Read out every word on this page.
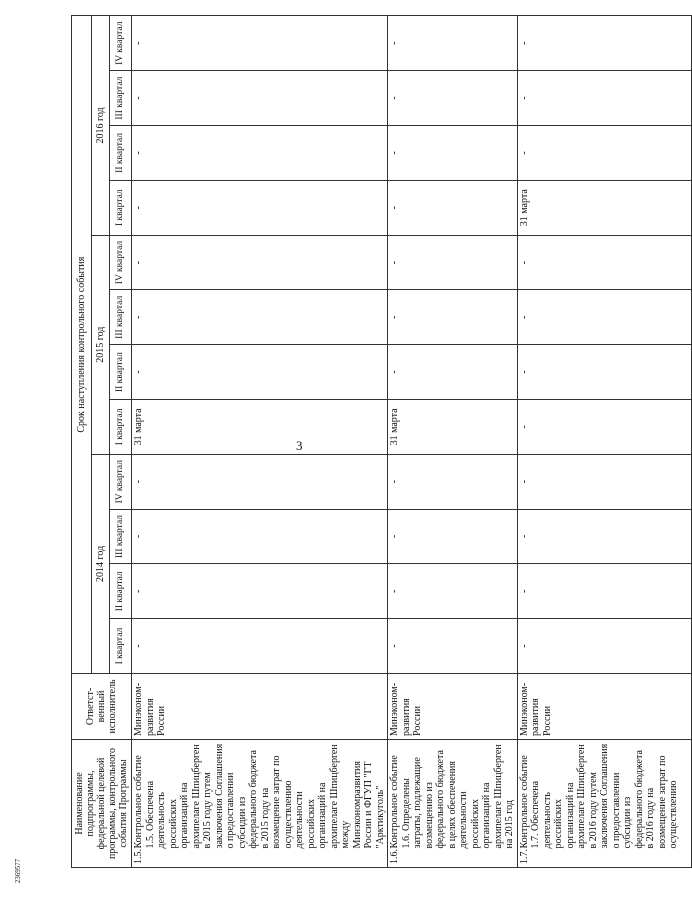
3
2369577
Наименование подпрограммы, федеральной целевой программы, контрольного события Программы		Ответст-венный исполнитель	Срок наступления контрольного события											
			2014 год				2015 год				2016 год			
			I квартал	II квартал	III квартал	IV квартал	I квартал	II квартал	III квартал	IV квартал	I квартал	II квартал	III квартал	IV квартал
1.5.	Контрольное событие 1.5. Обеспечена деятельность российских организаций на архипелаге Шпицберген в 2015 году путем заключения Соглашения о предоставлении субсидии из федерального бюджета в 2015 году на возмещение затрат по осуществлению деятельности российских организаций на архипелаге Шпицберген между Минэкономразвития России и ФГУП "ГТ "Арктикуголь"	Минэконом-развития России	-	-	-	-	31 марта	-	-	-	-	-	-	-
1.6.	Контрольное событие 1.6. Определены затраты, подлежащие возмещению из федерального бюджета в целях обеспечения деятельности российских организаций на архипелаге Шпицберген на 2015 год	Минэконом-развития России	-	-	-	-	31 марта	-	-	-	-	-	-	-
1.7.	Контрольное событие 1.7. Обеспечена деятельность российских организаций на архипелаге Шпицберген в 2016 году путем заключения Соглашения о предоставлении субсидии из федерального бюджета в 2016 году на возмещение затрат по осуществлению	Минэконом-развития России	-	-	-	-	-	-	-	-	31 марта	-	-	-
